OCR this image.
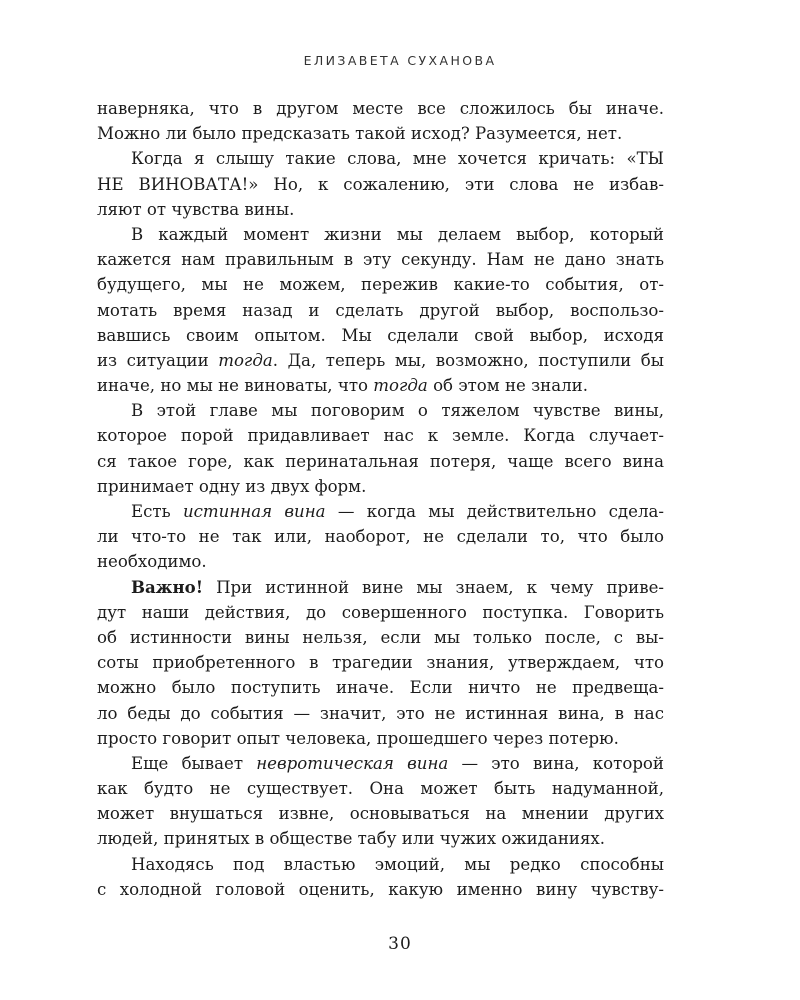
ЕЛИЗАВЕТА СУХАНОВА
наверняка, что в другом месте все сложилось бы иначе.
Можно ли было предсказать такой исход? Разумеется, нет.
Когда я слышу такие слова, мне хочется кричать: «ТЫ
НЕ ВИНОВАТА!» Но, к сожалению, эти слова не избав-
ляют от чувства вины.
В каждый момент жизни мы делаем выбор, который
кажется нам правильным в эту секунду. Нам не дано знать
будущего, мы не можем, пережив какие-то события, от-
мотать время назад и сделать другой выбор, воспользо-
вавшись своим опытом. Мы сделали свой выбор, исходя
из ситуации тогда. Да, теперь мы, возможно, поступили бы
иначе, но мы не виноваты, что тогда об этом не знали.
В этой главе мы поговорим о тяжелом чувстве вины,
которое порой придавливает нас к земле. Когда случает-
ся такое горе, как перинатальная потеря, чаще всего вина
принимает одну из двух форм.
Есть истинная вина — когда мы действительно сдела-
ли что-то не так или, наоборот, не сделали то, что было
необходимо.
Важно! При истинной вине мы знаем, к чему приве-
дут наши действия, до совершенного поступка. Говорить
об истинности вины нельзя, если мы только после, с вы-
соты приобретенного в трагедии знания, утверждаем, что
можно было поступить иначе. Если ничто не предвеща-
ло беды до события — значит, это не истинная вина, в нас
просто говорит опыт человека, прошедшего через потерю.
Еще бывает невротическая вина — это вина, которой
как будто не существует. Она может быть надуманной,
может внушаться извне, основываться на мнении других
людей, принятых в обществе табу или чужих ожиданиях.
Находясь под властью эмоций, мы редко способны
с холодной головой оценить, какую именно вину чувству-
30
